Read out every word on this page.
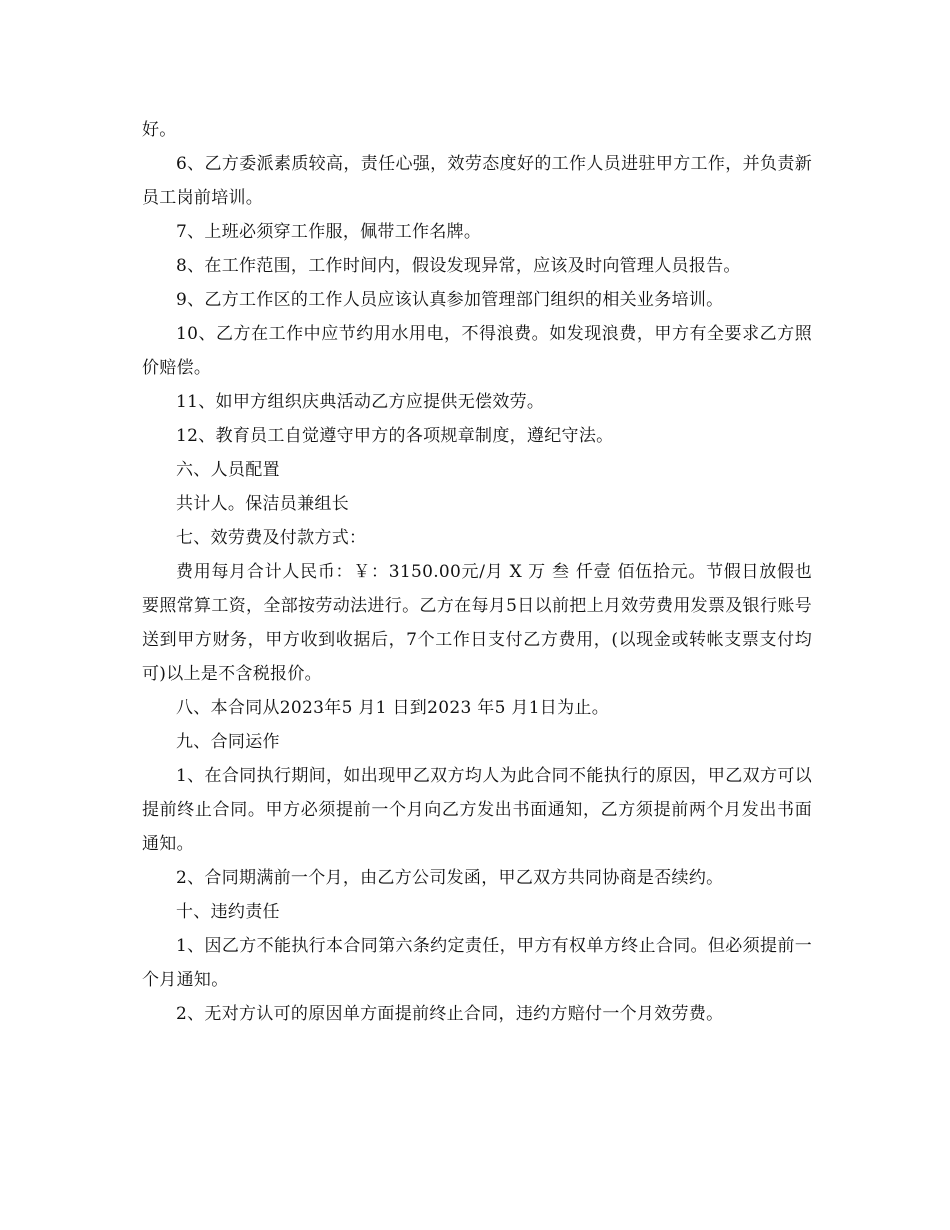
好。

6、乙方委派素质较高，责任心强，效劳态度好的工作人员进驻甲方工作，并负责新员工岗前培训。

7、上班必须穿工作服，佩带工作名牌。

8、在工作范围，工作时间内，假设发现异常，应该及时向管理人员报告。

9、乙方工作区的工作人员应该认真参加管理部门组织的相关业务培训。

10、乙方在工作中应节约用水用电，不得浪费。如发现浪费，甲方有全要求乙方照价赔偿。

11、如甲方组织庆典活动乙方应提供无偿效劳。

12、教育员工自觉遵守甲方的各项规章制度，遵纪守法。

六、人员配置

共计人。保洁员兼组长

七、效劳费及付款方式：

费用每月合计人民币：￥：3150.00元/月 X 万 叁 仟壹 佰伍拾元。节假日放假也要照常算工资，全部按劳动法进行。乙方在每月5日以前把上月效劳费用发票及银行账号送到甲方财务，甲方收到收据后，7个工作日支付乙方费用，(以现金或转帐支票支付均可)以上是不含税报价。

八、本合同从2023年5 月1 日到2023 年5 月1日为止。

九、合同运作

1、在合同执行期间，如出现甲乙双方均人为此合同不能执行的原因，甲乙双方可以提前终止合同。甲方必须提前一个月向乙方发出书面通知，乙方须提前两个月发出书面通知。

2、合同期满前一个月，由乙方公司发函，甲乙双方共同协商是否续约。

十、违约责任

1、因乙方不能执行本合同第六条约定责任，甲方有权单方终止合同。但必须提前一个月通知。

2、无对方认可的原因单方面提前终止合同，违约方赔付一个月效劳费。
